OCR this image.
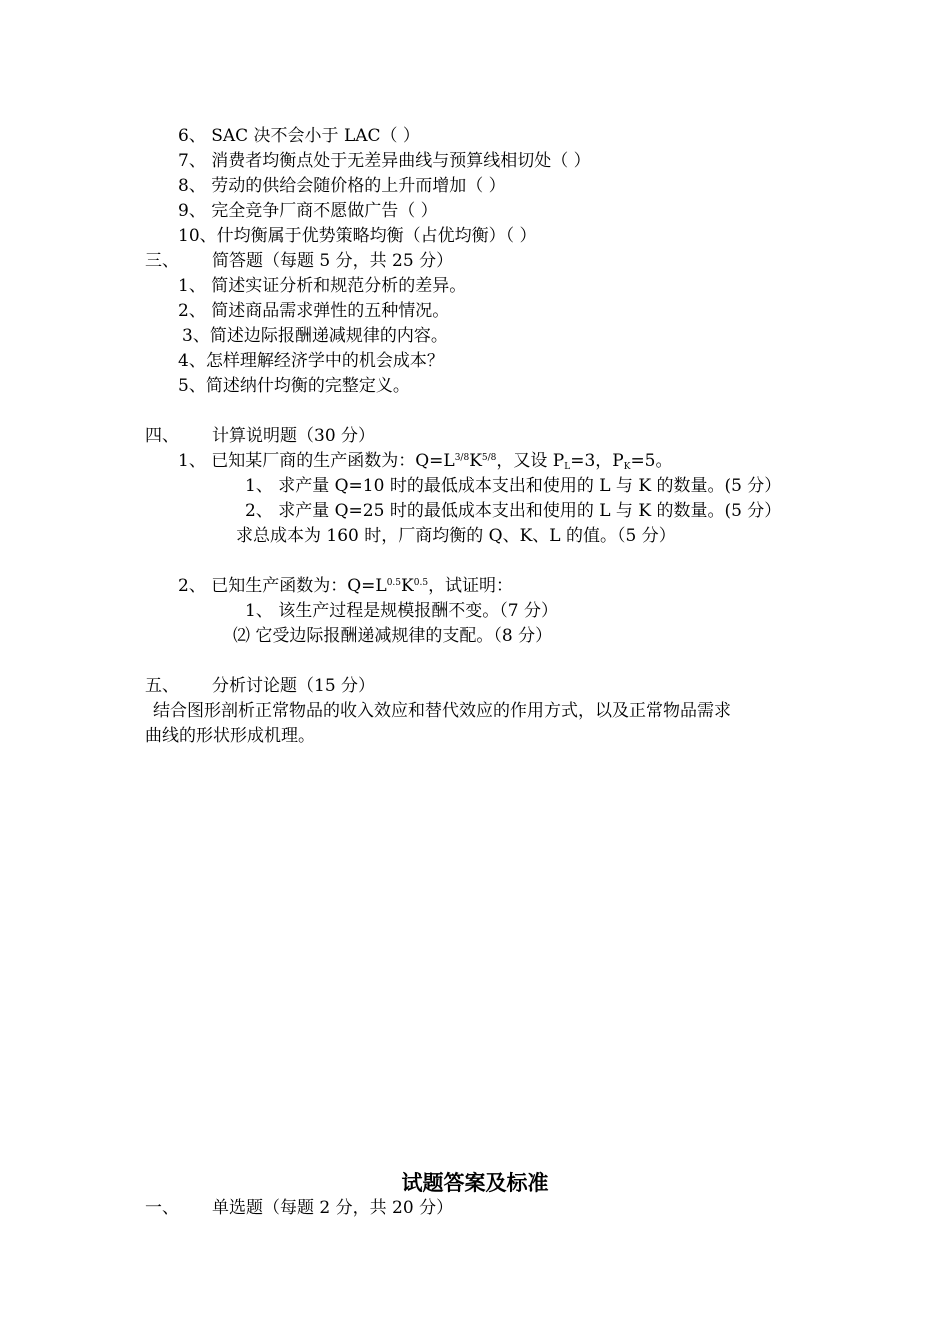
6、 SAC 决不会小于 LAC（ ）
7、 消费者均衡点处于无差异曲线与预算线相切处（ ）
8、 劳动的供给会随价格的上升而增加（ ）
9、 完全竞争厂商不愿做广告（ ）
10、什均衡属于优势策略均衡（占优均衡）（ ）
三、 简答题（每题 5 分，共 25 分）
1、 简述实证分析和规范分析的差异。
2、 简述商品需求弹性的五种情况。
3、简述边际报酬递减规律的内容。
4、怎样理解经济学中的机会成本？
5、简述纳什均衡的完整定义。
四、 计算说明题（30 分）
1、 已知某厂商的生产函数为：$Q=L^{3/8}K^{5/8}$，又设 $P_L=3$，$P_K=5$。
1、 求产量 Q=10 时的最低成本支出和使用的 L 与 K 的数量。(5 分）
2、 求产量 Q=25 时的最低成本支出和使用的 L 与 K 的数量。(5 分）
求总成本为 160 时，厂商均衡的 Q、K、L 的值。（5 分）
2、 已知生产函数为：$Q=L^{0.5}K^{0.5}$，试证明：
1、 该生产过程是规模报酬不变。（7 分）
⑵ 它受边际报酬递减规律的支配。（8 分）
五、 分析讨论题（15 分）
结合图形剖析正常物品的收入效应和替代效应的作用方式，以及正常物品需求
曲线的形状形成机理。
试题答案及标准
一、 单选题（每题 2 分，共 20 分）
